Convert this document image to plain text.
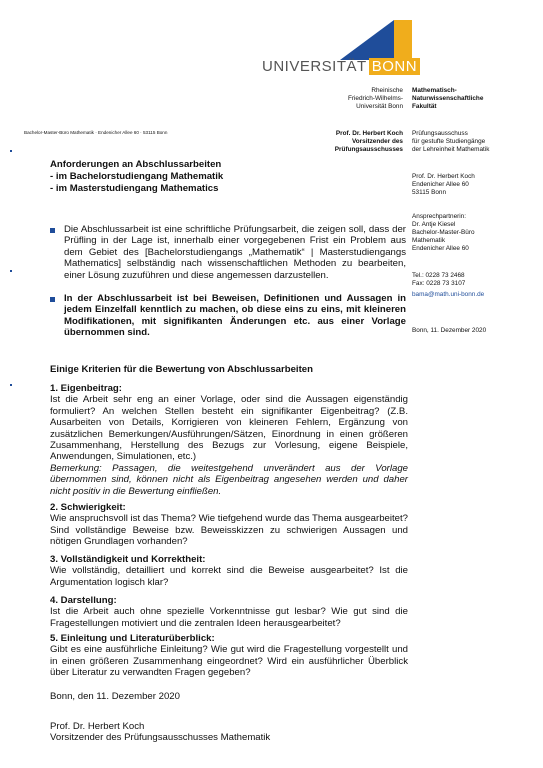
UNIVERSITÄT BONN
Rheinische
Friedrich-Wilhelms-
Universität Bonn
Mathematisch-
Naturwissenschaftliche
Fakultät
Bachelor-Master-Büro Mathematik · Endenicher Allee 60 · 53115 Bonn	Prof. Dr. Herbert Koch
Vorsitzender des
Prüfungsausschusses
Prüfungsausschuss
für gestufte Studiengänge
der Lehreinheit Mathematik
Prof. Dr. Herbert Koch
Endenicher Allee 60
53115 Bonn
Ansprechpartnerin:
Dr. Antje Kiesel
Bachelor-Master-Büro
Mathematik
Endenicher Allee 60
Tel.: 0228 73 2468
Fax: 0228 73 3107
bama@math.uni-bonn.de
Bonn, 11. Dezember 2020
Anforderungen an Abschlussarbeiten
- im Bachelorstudiengang Mathematik
- im Masterstudiengang Mathematics
Die Abschlussarbeit ist eine schriftliche Prüfungsarbeit, die zeigen soll, dass der Prüfling in der Lage ist, innerhalb einer vorgegebenen Frist ein Problem aus dem Gebiet des [Bachelorstudiengangs „Mathematik“ | Masterstudiengangs Mathematics] selbständig nach wissenschaftlichen Methoden zu bearbeiten, einer Lösung zuzuführen und diese angemessen darzustellen.
In der Abschlussarbeit ist bei Beweisen, Definitionen und Aussagen in jedem Einzelfall kenntlich zu machen, ob diese eins zu eins, mit kleineren Modifikationen, mit signifikanten Änderungen etc. aus einer Vorlage übernommen sind.
Einige Kriterien für die Bewertung von Abschlussarbeiten

1. Eigenbeitrag:

Ist die Arbeit sehr eng an einer Vorlage, oder sind die Aussagen eigenständig formuliert? An welchen Stellen besteht ein signifikanter Eigenbeitrag? (Z.B. Ausarbeiten von Details, Korrigieren von kleineren Fehlern, Ergänzung von zusätzlichen Bemerkungen/Ausführungen/Sätzen, Einordnung in einen größeren Zusammenhang, Herstellung des Bezugs zur Vorlesung, eigene Beispiele, Anwendungen, Simulationen, etc.)

Bemerkung: Passagen, die weitestgehend unverändert aus der Vorlage übernommen sind, können nicht als Eigenbeitrag angesehen werden und daher nicht positiv in die Bewertung einfließen.

2. Schwierigkeit:

Wie anspruchsvoll ist das Thema? Wie tiefgehend wurde das Thema ausgearbeitet? Sind vollständige Beweise bzw. Beweisskizzen zu schwierigen Aussagen und nötigen Grundlagen vorhanden?

3. Vollständigkeit und Korrektheit:

Wie vollständig, detailliert und korrekt sind die Beweise ausgearbeitet? Ist die Argumentation logisch klar?

4. Darstellung:

Ist die Arbeit auch ohne spezielle Vorkenntnisse gut lesbar? Wie gut sind die Fragestellungen motiviert und die zentralen Ideen herausgearbeitet?

5. Einleitung und Literaturüberblick:

Gibt es eine ausführliche Einleitung? Wie gut wird die Fragestellung vorgestellt und in einen größeren Zusammenhang eingeordnet? Wird ein ausführlicher Überblick über Literatur zu verwandten Fragen gegeben?

Bonn, den 11. Dezember 2020
Prof. Dr. Herbert Koch
Vorsitzender des Prüfungsausschusses Mathematik
